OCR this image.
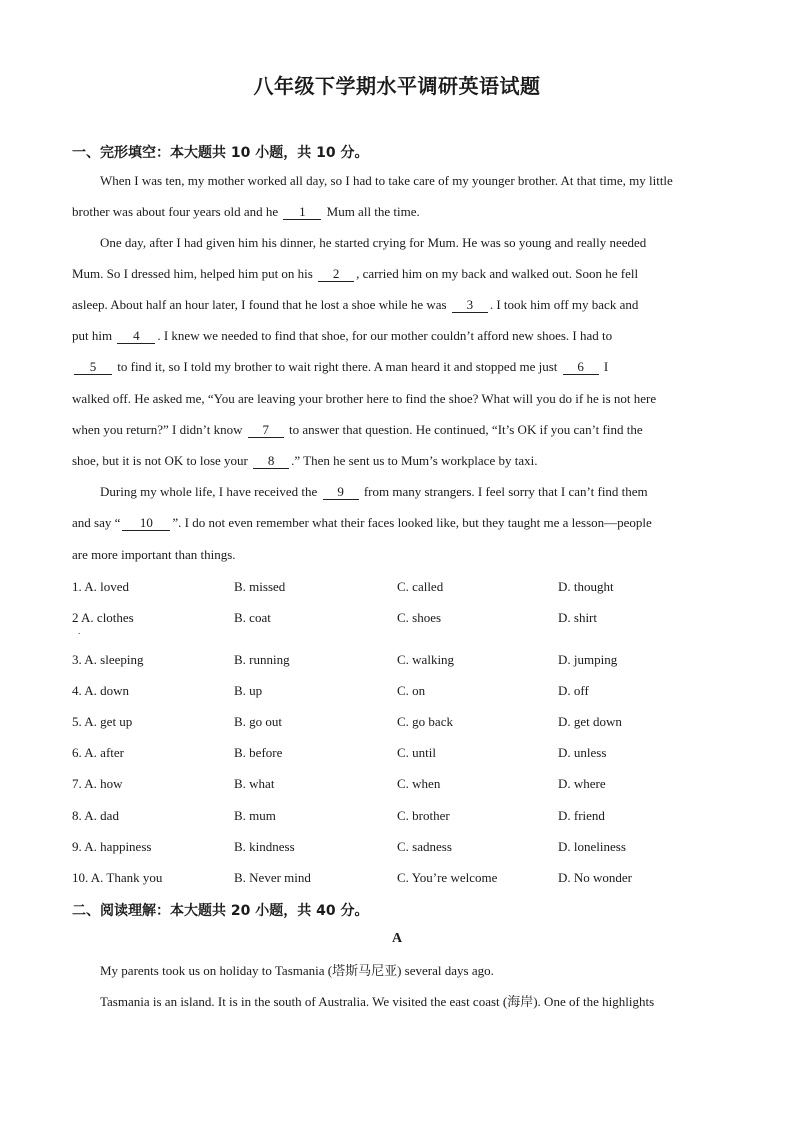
八年级下学期水平调研英语试题
一、完形填空：本大题共 10 小题，共 10 分。
When I was ten, my mother worked all day, so I had to take care of my younger brother. At that time, my little
brother was about four years old and he 1 Mum all the time.
One day, after I had given him his dinner, he started crying for Mum. He was so young and really needed
Mum. So I dressed him, helped him put on his 2 , carried him on my back and walked out. Soon he fell
asleep. About half an hour later, I found that he lost a shoe while he was 3 . I took him off my back and
put him 4 . I knew we needed to find that shoe, for our mother couldn’t afford new shoes. I had to
5 to find it, so I told my brother to wait right there. A man heard it and stopped me just 6 I
walked off. He asked me, “You are leaving your brother here to find the shoe? What will you do if he is not here
when you return?” I didn’t know 7 to answer that question. He continued, “It’s OK if you can’t find the
shoe, but it is not OK to lose your 8 .” Then he sent us to Mum’s workplace by taxi.
During my whole life, I have received the 9 from many strangers. I feel sorry that I can’t find them
and say “ 10 ”. I do not even remember what their faces looked like, but they taught me a lesson—people
are more important than things.
1. A. loved	B. missed	C. called	D. thought
2 A. clothes	B. coat	C. shoes	D. shirt
3. A. sleeping	B. running	C. walking	D. jumping
4. A. down	B. up	C. on	D. off
5. A. get up	B. go out	C. go back	D. get down
6. A. after	B. before	C. until	D. unless
7. A. how	B. what	C. when	D. where
8. A. dad	B. mum	C. brother	D. friend
9. A. happiness	B. kindness	C. sadness	D. loneliness
10. A. Thank you	B. Never mind	C. You’re welcome	D. No wonder
.
二、阅读理解：本大题共 20 小题，共 40 分。
A
My parents took us on holiday to Tasmania (塔斯马尼亚) several days ago.
Tasmania is an island. It is in the south of Australia. We visited the east coast (海岸). One of the highlights
